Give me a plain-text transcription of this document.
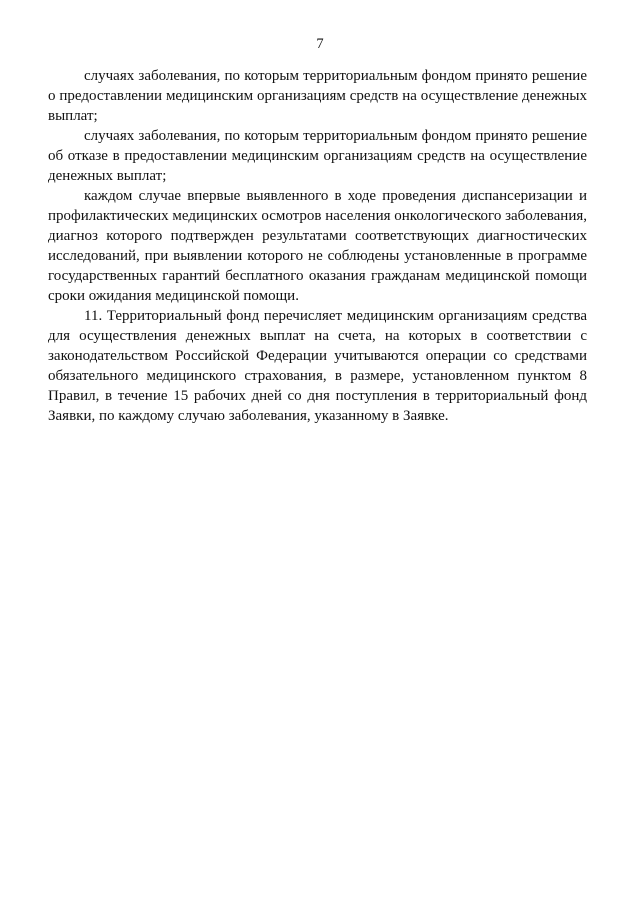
7

случаях заболевания, по которым территориальным фондом принято решение о предоставлении медицинским организациям средств на осуществление денежных выплат;

случаях заболевания, по которым территориальным фондом принято решение об отказе в предоставлении медицинским организациям средств на осуществление денежных выплат;

каждом случае впервые выявленного в ходе проведения диспансеризации и профилактических медицинских осмотров населения онкологического заболевания, диагноз которого подтвержден результатами соответствующих диагностических исследований, при выявлении которого не соблюдены установленные в программе государственных гарантий бесплатного оказания гражданам медицинской помощи сроки ожидания медицинской помощи.

11. Территориальный фонд перечисляет медицинским организациям средства для осуществления денежных выплат на счета, на которых в соответствии с законодательством Российской Федерации учитываются операции со средствами обязательного медицинского страхования, в размере, установленном пунктом 8 Правил, в течение 15 рабочих дней со дня поступления в территориальный фонд Заявки, по каждому случаю заболевания, указанному в Заявке.
